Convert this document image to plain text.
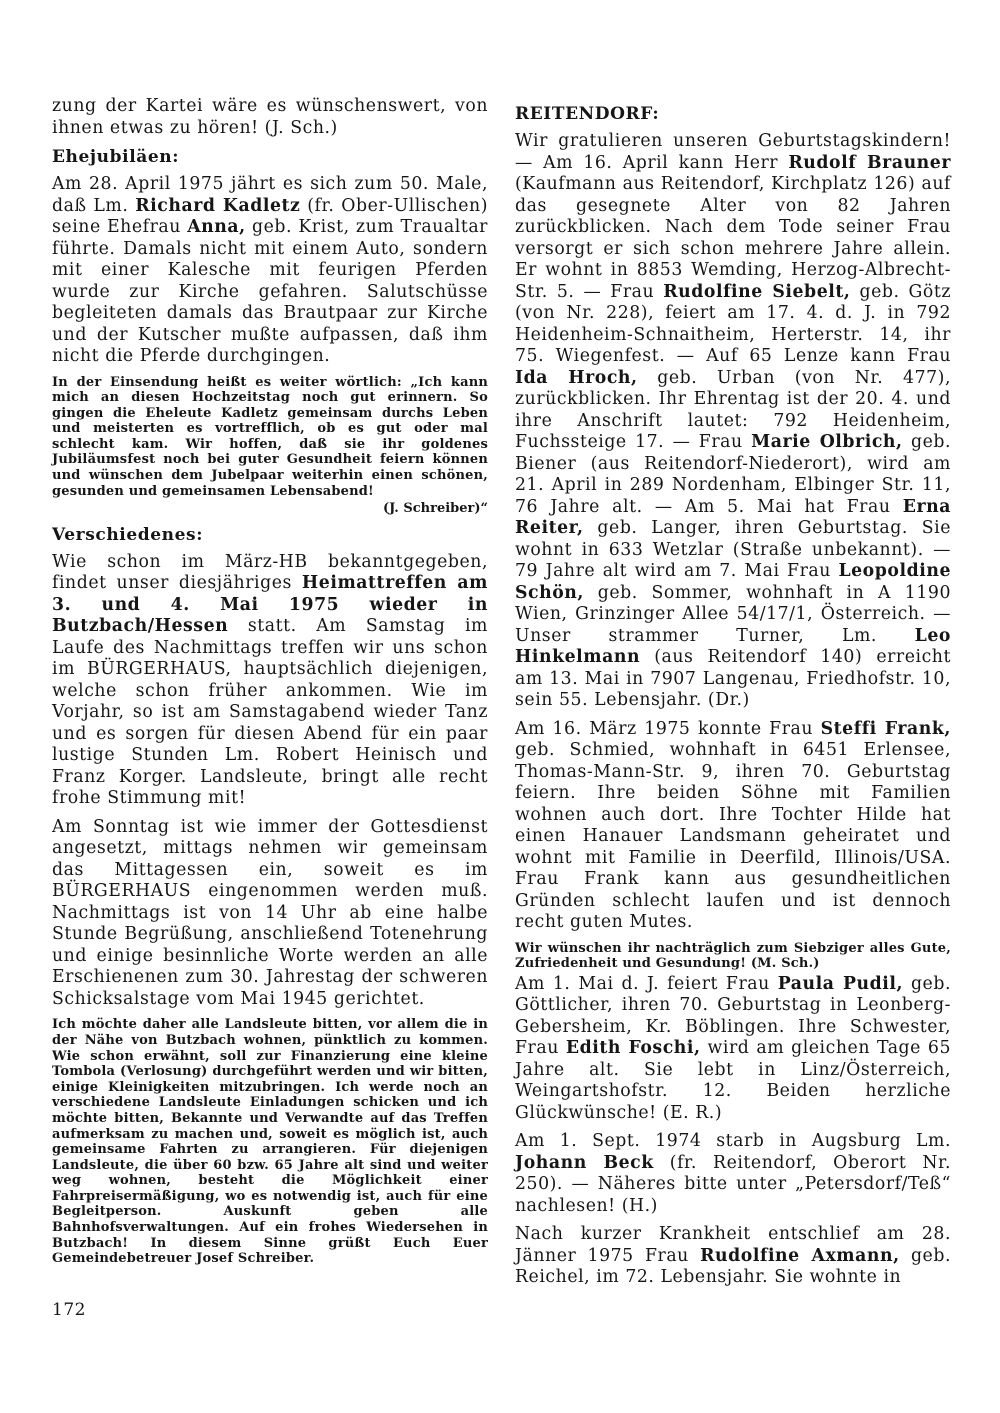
zung der Kartei wäre es wünschenswert, von ihnen etwas zu hören! (J. Sch.)
Ehejubiläen:
Am 28. April 1975 jährt es sich zum 50. Male, daß Lm. Richard Kadletz (fr. Ober-Ullischen) seine Ehefrau Anna, geb. Krist, zum Traualtar führte. Damals nicht mit einem Auto, sondern mit einer Kalesche mit feurigen Pferden wurde zur Kirche gefahren. Salutschüsse begleiteten damals das Brautpaar zur Kirche und der Kutscher mußte aufpassen, daß ihm nicht die Pferde durchgingen.
In der Einsendung heißt es weiter wörtlich: „Ich kann mich an diesen Hochzeitstag noch gut erinnern. So gingen die Eheleute Kadletz gemeinsam durchs Leben und meisterten es vortrefflich, ob es gut oder mal schlecht kam. Wir hoffen, daß sie ihr goldenes Jubiläumsfest noch bei guter Gesundheit feiern können und wünschen dem Jubelpaar weiterhin einen schönen, gesunden und gemeinsamen Lebensabend!
(J. Schreiber)“
Verschiedenes:
Wie schon im März-HB bekanntgegeben, findet unser diesjähriges Heimattreffen am 3. und 4. Mai 1975 wieder in Butzbach/Hessen statt. Am Samstag im Laufe des Nachmittags treffen wir uns schon im BÜRGERHAUS, hauptsächlich diejenigen, welche schon früher ankommen. Wie im Vorjahr, so ist am Samstagabend wieder Tanz und es sorgen für diesen Abend für ein paar lustige Stunden Lm. Robert Heinisch und Franz Korger. Landsleute, bringt alle recht frohe Stimmung mit!
Am Sonntag ist wie immer der Gottesdienst angesetzt, mittags nehmen wir gemeinsam das Mittagessen ein, soweit es im BÜRGERHAUS eingenommen werden muß. Nachmittags ist von 14 Uhr ab eine halbe Stunde Begrüßung, anschließend Totenehrung und einige besinnliche Worte werden an alle Erschienenen zum 30. Jahrestag der schweren Schicksalstage vom Mai 1945 gerichtet.
Ich möchte daher alle Landsleute bitten, vor allem die in der Nähe von Butzbach wohnen, pünktlich zu kommen. Wie schon erwähnt, soll zur Finanzierung eine kleine Tombola (Verlosung) durchgeführt werden und wir bitten, einige Kleinigkeiten mitzubringen. Ich werde noch an verschiedene Landsleute Einladungen schicken und ich möchte bitten, Bekannte und Verwandte auf das Treffen aufmerksam zu machen und, soweit es möglich ist, auch gemeinsame Fahrten zu arrangieren. Für diejenigen Landsleute, die über 60 bzw. 65 Jahre alt sind und weiter weg wohnen, besteht die Möglichkeit einer Fahrpreisermäßigung, wo es notwendig ist, auch für eine Begleitperson. Auskunft geben alle Bahnhofsverwaltungen. Auf ein frohes Wiedersehen in Butzbach! In diesem Sinne grüßt Euch Euer Gemeindebetreuer Josef Schreiber.
REITENDORF:
Wir gratulieren unseren Geburtstagskindern! — Am 16. April kann Herr Rudolf Brauner (Kaufmann aus Reitendorf, Kirchplatz 126) auf das gesegnete Alter von 82 Jahren zurückblicken. Nach dem Tode seiner Frau versorgt er sich schon mehrere Jahre allein. Er wohnt in 8853 Wemding, Herzog-Albrecht-Str. 5. — Frau Rudolfine Siebelt, geb. Götz (von Nr. 228), feiert am 17. 4. d. J. in 792 Heidenheim-Schnaitheim, Herterstr. 14, ihr 75. Wiegenfest. — Auf 65 Lenze kann Frau Ida Hroch, geb. Urban (von Nr. 477), zurückblicken. Ihr Ehrentag ist der 20. 4. und ihre Anschrift lautet: 792 Heidenheim, Fuchssteige 17. — Frau Marie Olbrich, geb. Biener (aus Reitendorf-Niederort), wird am 21. April in 289 Nordenham, Elbinger Str. 11, 76 Jahre alt. — Am 5. Mai hat Frau Erna Reiter, geb. Langer, ihren Geburtstag. Sie wohnt in 633 Wetzlar (Straße unbekannt). — 79 Jahre alt wird am 7. Mai Frau Leopoldine Schön, geb. Sommer, wohnhaft in A 1190 Wien, Grinzinger Allee 54/17/1, Österreich. — Unser strammer Turner, Lm. Leo Hinkelmann (aus Reitendorf 140) erreicht am 13. Mai in 7907 Langenau, Friedhofstr. 10, sein 55. Lebensjahr. (Dr.)
Am 16. März 1975 konnte Frau Steffi Frank, geb. Schmied, wohnhaft in 6451 Erlensee, Thomas-Mann-Str. 9, ihren 70. Geburtstag feiern. Ihre beiden Söhne mit Familien wohnen auch dort. Ihre Tochter Hilde hat einen Hanauer Landsmann geheiratet und wohnt mit Familie in Deerfild, Illinois/USA. Frau Frank kann aus gesundheitlichen Gründen schlecht laufen und ist dennoch recht guten Mutes.
Wir wünschen ihr nachträglich zum Siebziger alles Gute, Zufriedenheit und Gesundung! (M. Sch.)
Am 1. Mai d. J. feiert Frau Paula Pudil, geb. Göttlicher, ihren 70. Geburtstag in Leonberg-Gebersheim, Kr. Böblingen. Ihre Schwester, Frau Edith Foschi, wird am gleichen Tage 65 Jahre alt. Sie lebt in Linz/Österreich, Weingartshofstr. 12. Beiden herzliche Glückwünsche! (E. R.)
Am 1. Sept. 1974 starb in Augsburg Lm. Johann Beck (fr. Reitendorf, Oberort Nr. 250). — Näheres bitte unter „Petersdorf/Teß“ nachlesen! (H.)
Nach kurzer Krankheit entschlief am 28. Jänner 1975 Frau Rudolfine Axmann, geb. Reichel, im 72. Lebensjahr. Sie wohnte in
172
